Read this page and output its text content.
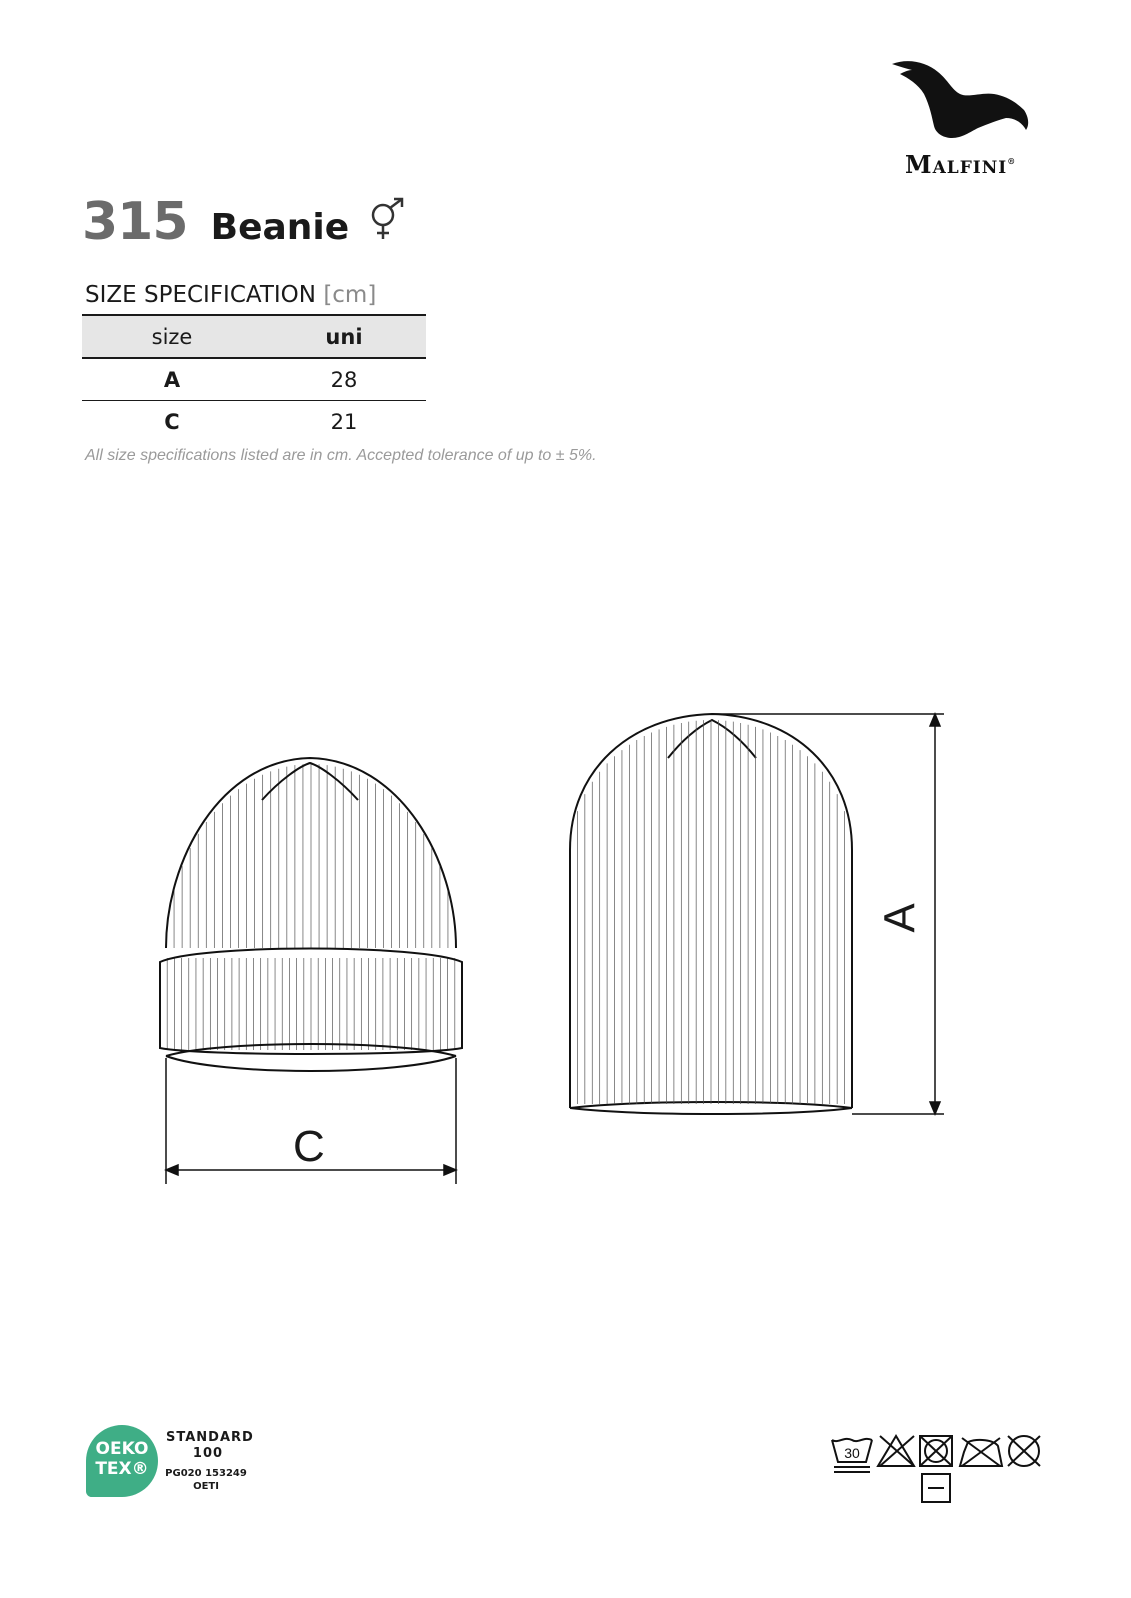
Malfini®
315 Beanie
SIZE SPECIFICATION [cm]
size	uni
A	28
C	21
All size specifications listed are in cm. Accepted tolerance of up to ± 5%.
C
A
OEKO
TEX®
STANDARD
100
PG020 153249
OETI
30
